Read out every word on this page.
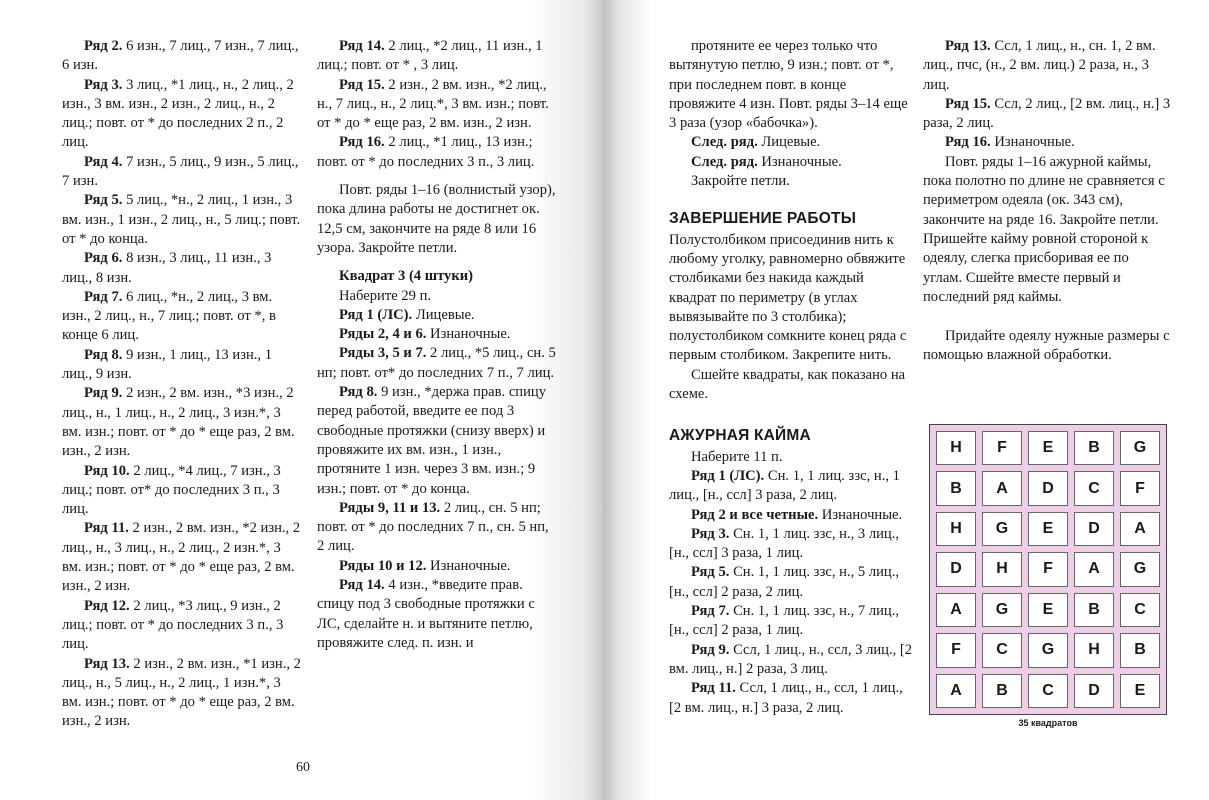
Ряд 2. 6 изн., 7 лиц., 7 изн., 7 лиц., 6 изн.

Ряд 3. 3 лиц., *1 лиц., н., 2 лиц., 2 изн., 3 вм. изн., 2 изн., 2 лиц., н., 2 лиц.; повт. от * до последних 2 п., 2 лиц.

Ряд 4. 7 изн., 5 лиц., 9 изн., 5 лиц., 7 изн.

Ряд 5. 5 лиц., *н., 2 лиц., 1 изн., 3 вм. изн., 1 изн., 2 лиц., н., 5 лиц.; повт. от * до конца.

Ряд 6. 8 изн., 3 лиц., 11 изн., 3 лиц., 8 изн.

Ряд 7. 6 лиц., *н., 2 лиц., 3 вм. изн., 2 лиц., н., 7 лиц.; повт. от *, в конце 6 лиц.

Ряд 8. 9 изн., 1 лиц., 13 изн., 1 лиц., 9 изн.

Ряд 9. 2 изн., 2 вм. изн., *3 изн., 2 лиц., н., 1 лиц., н., 2 лиц., 3 изн.*, 3 вм. изн.; повт. от * до * еще раз, 2 вм. изн., 2 изн.

Ряд 10. 2 лиц., *4 лиц., 7 изн., 3 лиц.; повт. от* до последних 3 п., 3 лиц.

Ряд 11. 2 изн., 2 вм. изн., *2 изн., 2 лиц., н., 3 лиц., н., 2 лиц., 2 изн.*, 3 вм. изн.; повт. от * до * еще раз, 2 вм. изн., 2 изн.

Ряд 12. 2 лиц., *3 лиц., 9 изн., 2 лиц.; повт. от * до последних 3 п., 3 лиц.

Ряд 13. 2 изн., 2 вм. изн., *1 изн., 2 лиц., н., 5 лиц., н., 2 лиц., 1 изн.*, 3 вм. изн.; повт. от * до * еще раз, 2 вм. изн., 2 изн.

Ряд 14. 2 лиц., *2 лиц., 11 изн., 1 лиц.; повт. от * , 3 лиц.

Ряд 15. 2 изн., 2 вм. изн., *2 лиц., н., 7 лиц., н., 2 лиц.*, 3 вм. изн.; повт. от * до * еще раз, 2 вм. изн., 2 изн.

Ряд 16. 2 лиц., *1 лиц., 13 изн.; повт. от * до последних 3 п., 3 лиц.

Повт. ряды 1–16 (волнистый узор), пока длина работы не достигнет ок. 12,5 см, закончите на ряде 8 или 16 узора. Закройте петли.

Квадрат 3 (4 штуки)

Наберите 29 п.

Ряд 1 (ЛС). Лицевые.

Ряды 2, 4 и 6. Изнаночные.

Ряды 3, 5 и 7. 2 лиц., *5 лиц., сн. 5 нп; повт. от* до последних 7 п., 7 лиц.

Ряд 8. 9 изн., *держа прав. спицу перед работой, введите ее под 3 свободные протяжки (снизу вверх) и провяжите их вм. изн., 1 изн., протяните 1 изн. через 3 вм. изн.; 9 изн.; повт. от * до конца.

Ряды 9, 11 и 13. 2 лиц., сн. 5 нп; повт. от * до последних 7 п., сн. 5 нп, 2 лиц.

Ряды 10 и 12. Изнаночные.

Ряд 14. 4 изн., *введите прав. спицу под 3 свободные протяжки с ЛС, сделайте н. и вытяните петлю, провяжите след. п. изн. и

60

протяните ее через только что вытянутую петлю, 9 изн.; повт. от *, при последнем повт. в конце провяжите 4 изн. Повт. ряды 3–14 еще 3 раза (узор «бабочка»).

След. ряд. Лицевые.

След. ряд. Изнаночные.

Закройте петли.

ЗАВЕРШЕНИЕ РАБОТЫ

Полустолбиком присоединив нить к любому уголку, равномерно обвяжите столбиками без накида каждый квадрат по периметру (в углах вывязывайте по 3 столбика); полустолбиком сомкните конец ряда с первым столбиком. Закрепите нить.

Сшейте квадраты, как показано на схеме.

АЖУРНАЯ КАЙМА

Наберите 11 п.

Ряд 1 (ЛС). Сн. 1, 1 лиц. ззс, н., 1 лиц., [н., ссл] 3 раза, 2 лиц.

Ряд 2 и все четные. Изнаночные.

Ряд 3. Сн. 1, 1 лиц. ззс, н., 3 лиц., [н., ссл] 3 раза, 1 лиц.

Ряд 5. Сн. 1, 1 лиц. ззс, н., 5 лиц., [н., ссл] 2 раза, 2 лиц.

Ряд 7. Сн. 1, 1 лиц. ззс, н., 7 лиц., [н., ссл] 2 раза, 1 лиц.

Ряд 9. Ссл, 1 лиц., н., ссл, 3 лиц., [2 вм. лиц., н.] 2 раза, 3 лиц.

Ряд 11. Ссл, 1 лиц., н., ссл, 1 лиц., [2 вм. лиц., н.] 3 раза, 2 лиц.

Ряд 13. Ссл, 1 лиц., н., сн. 1, 2 вм. лиц., пчс, (н., 2 вм. лиц.) 2 раза, н., 3 лиц.

Ряд 15. Ссл, 2 лиц., [2 вм. лиц., н.] 3 раза, 2 лиц.

Ряд 16. Изнаночные.

Повт. ряды 1–16 ажурной каймы, пока полотно по длине не сравняется с периметром одеяла (ок. 343 см), закончите на ряде 16. Закройте петли. Пришейте кайму ровной стороной к одеялу, слегка присборивая ее по углам. Сшейте вместе первый и последний ряд каймы.

Придайте одеялу нужные размеры с помощью влажной обработки.

H	F	E	B	G
B	A	D	C	F
H	G	E	D	A
D	H	F	A	G
A	G	E	B	C
F	C	G	H	B
A	B	C	D	E
35 квадратов
